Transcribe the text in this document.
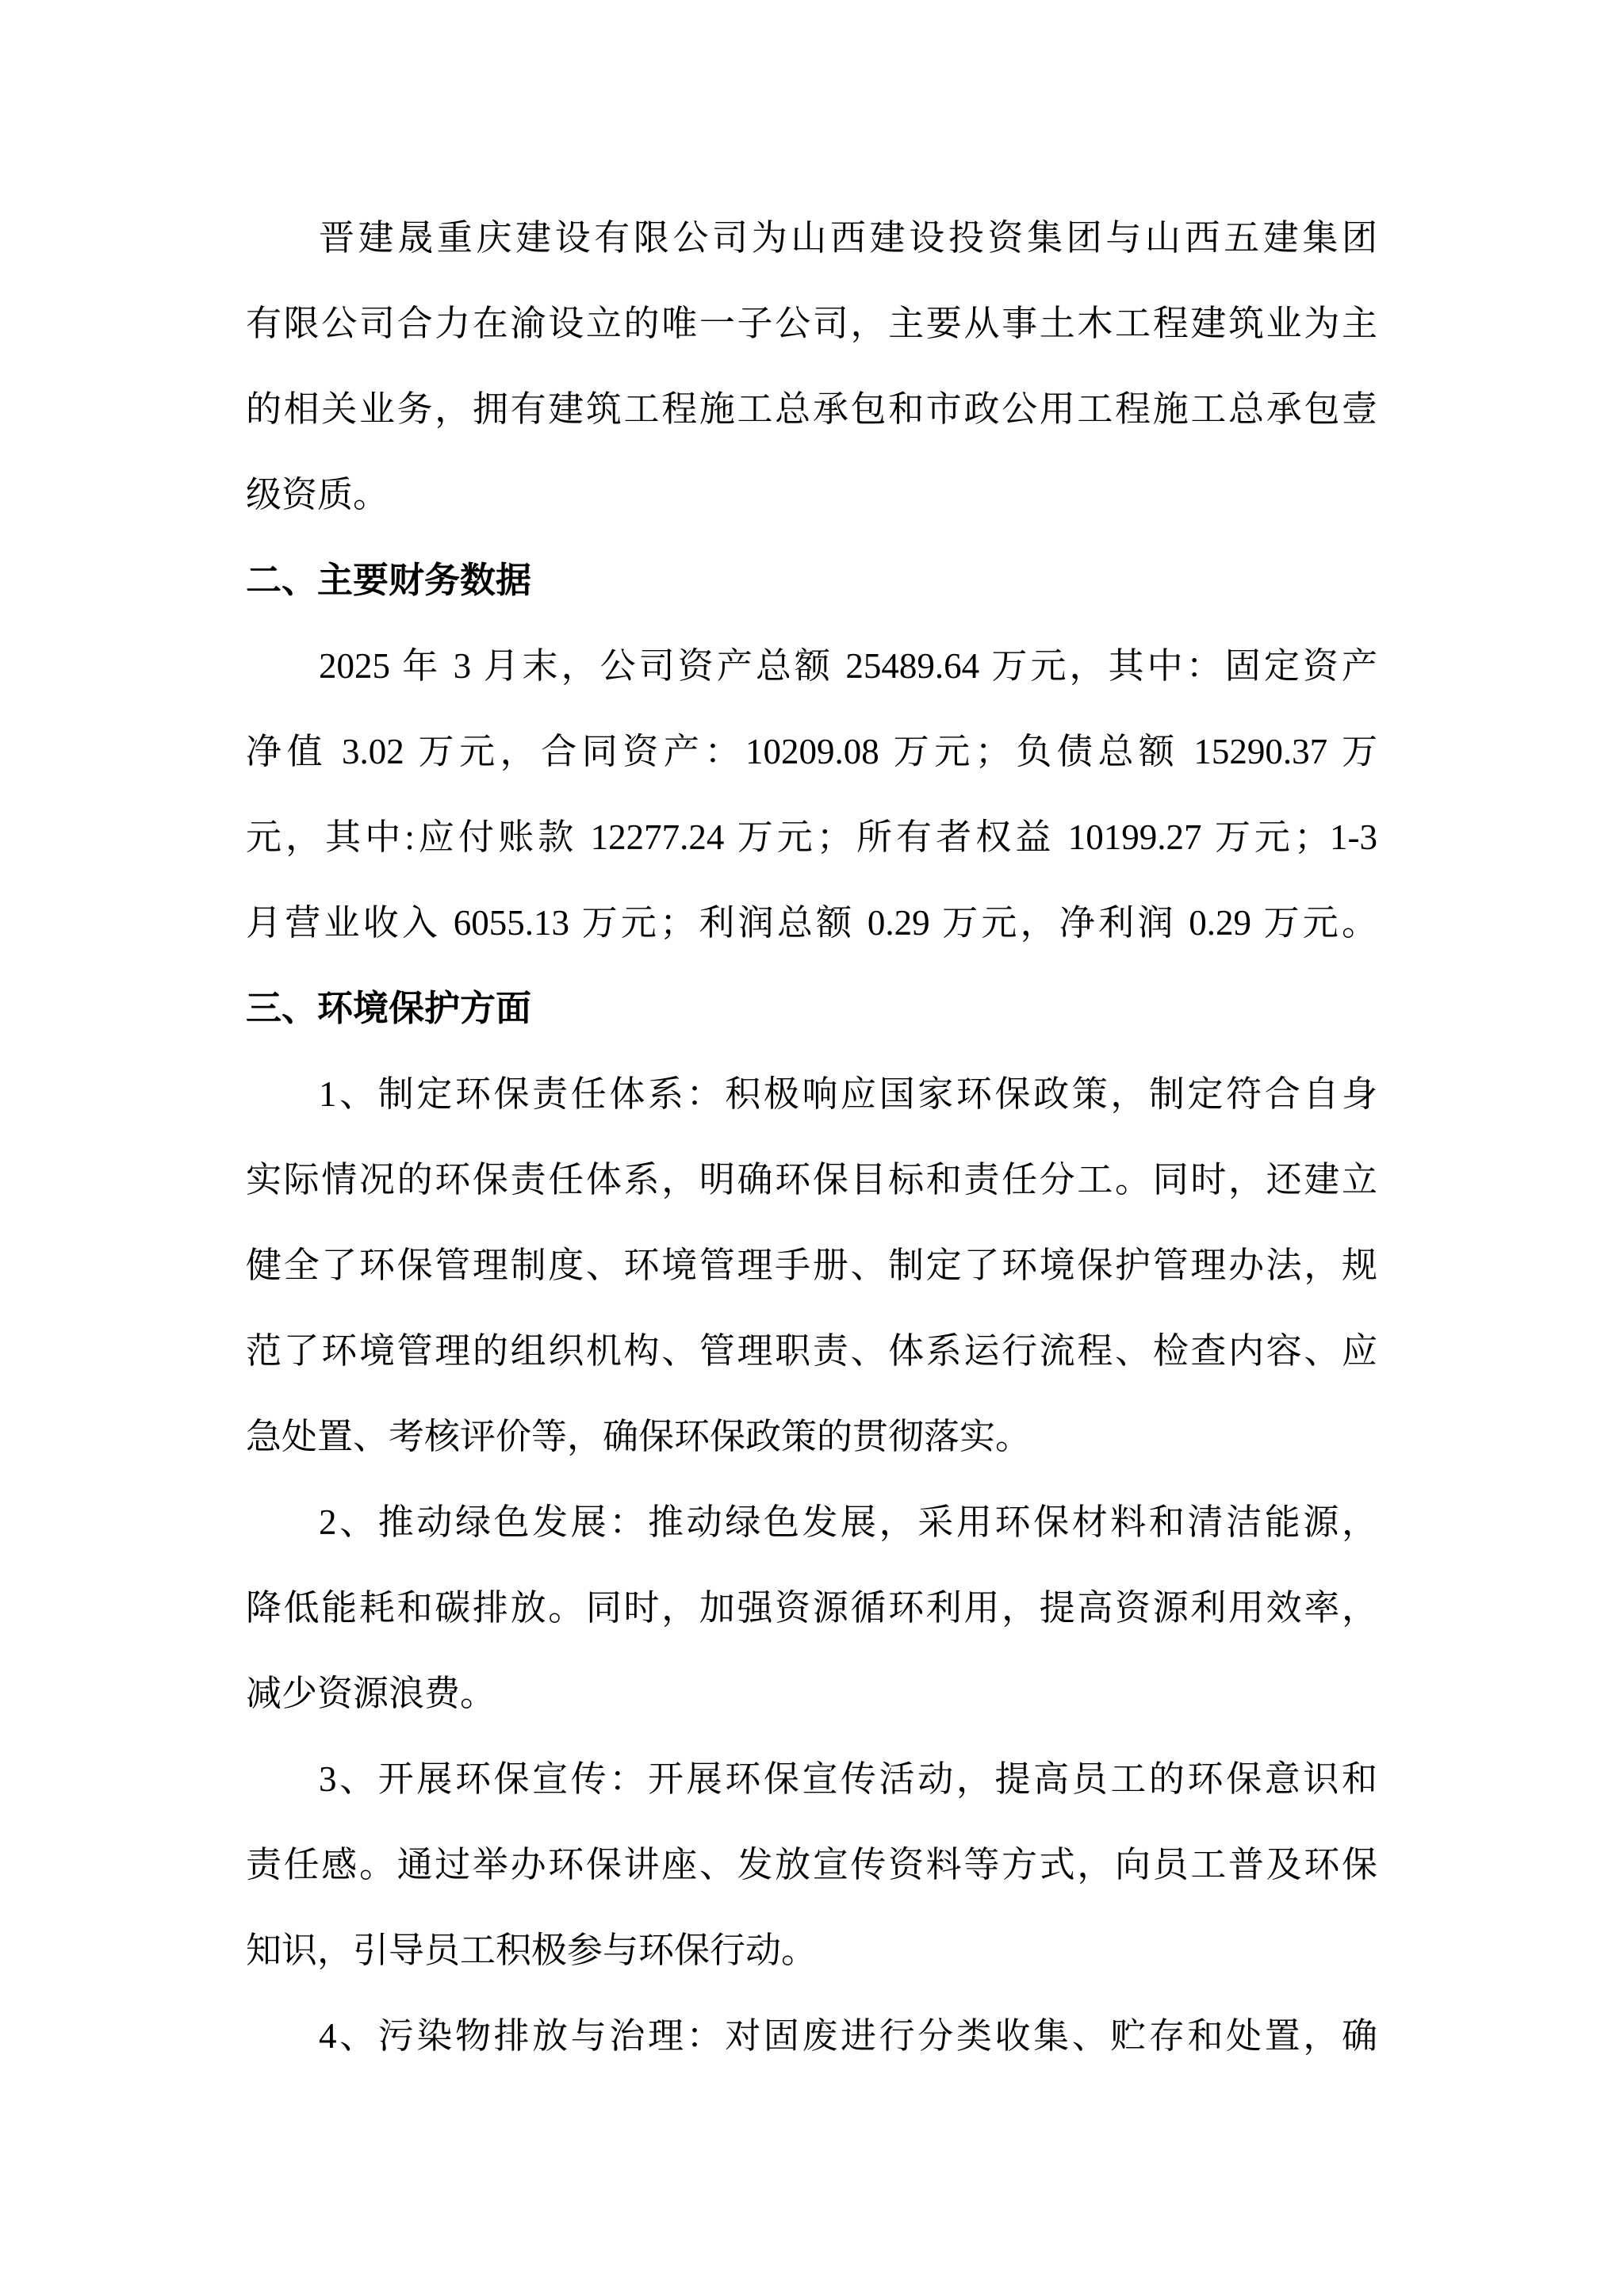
晋建晟重庆建设有限公司为山西建设投资集团与山西五建集团
有限公司合力在渝设立的唯一子公司，主要从事土木工程建筑业为主
的相关业务，拥有建筑工程施工总承包和市政公用工程施工总承包壹
级资质。
二、主要财务数据
2025 年 3 月末，公司资产总额 25489.64 万元，其中：固定资产
净值 3.02 万元，合同资产：10209.08 万元；负债总额 15290.37 万
元，其中:应付账款 12277.24 万元；所有者权益 10199.27 万元；1-3
月营业收入 6055.13 万元；利润总额 0.29 万元，净利润 0.29 万元。
三、环境保护方面
1、制定环保责任体系：积极响应国家环保政策，制定符合自身
实际情况的环保责任体系，明确环保目标和责任分工。同时，还建立
健全了环保管理制度、环境管理手册、制定了环境保护管理办法，规
范了环境管理的组织机构、管理职责、体系运行流程、检查内容、应
急处置、考核评价等，确保环保政策的贯彻落实。
2、推动绿色发展：推动绿色发展，采用环保材料和清洁能源，
降低能耗和碳排放。同时，加强资源循环利用，提高资源利用效率，
减少资源浪费。
3、开展环保宣传：开展环保宣传活动，提高员工的环保意识和
责任感。通过举办环保讲座、发放宣传资料等方式，向员工普及环保
知识，引导员工积极参与环保行动。
4、污染物排放与治理：对固废进行分类收集、贮存和处置，确
